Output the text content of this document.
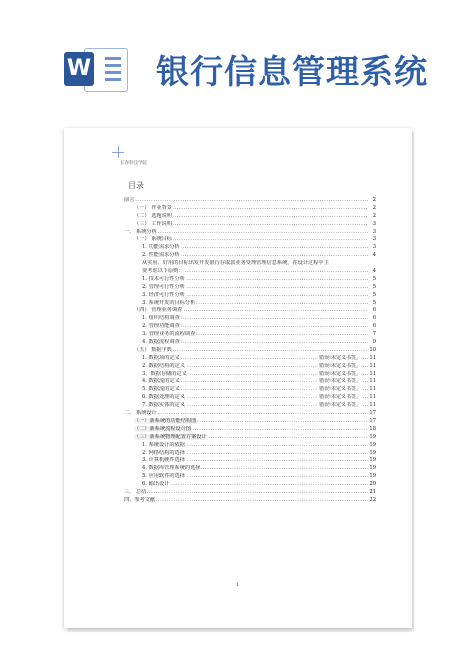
W 银行信息管理系统
长春科技学院
目录
.....
前言	2
.....
（一） 作业背景	2
.....
（二） 选题说明	2
.....
（三） 工作说明	3
.....
一、 系统分析	3
.....
（一） 系统目标	3
.....
1. 功能需求分析	3
.....
2. 性能需求分析	4
从实用、好用的目标出发开发银行存取款业务受理管理信息系统，在设计过程中主
.....
要考虑以下原则：	4
.....
1. 技术可行性分析	5
.....
2. 管理可行性分析	5
.....
3. 经济可行性分析	5
.....
3. 系统开发的目标分析	5
.....
（四） 管理业务调查	6
.....
1. 组织结构调查	6
.....
2. 管理功能调查	6
.....
3. 管理业务的流程调查	7
.....
4. 数据流程调查	9
.....
（五） 数据字典	10
.....
1. 数据项的定义	错误!未定义书签。 11
.....
2. 数据结构的定义	错误!未定义书签。 11
.....
3、数据存储的定义	错误!未定义书签。 11
.....
4. 数据流的定义	错误!未定义书签。 11
.....
5. 数据流的定义	错误!未定义书签。 11
.....
6. 数据处理的定义	错误!未定义书签。 11
.....
7. 数据实体的定义	错误!未定义书签。 11
.....
二、 系统设计	17
.....
（一）新系统的功能结构图	17
.....
（二）新系统流程设计图	18
.....
（三）新系统物理配置方案设计	19
.....
1. 系统设计的依据	19
.....
2. 网络结构的选择	19
.....
3. 计算机硬件选择	19
.....
4. 数据库管理系统的选择	19
.....
5. 应用软件的选择	19
.....
6. 输出设计	20
.....
三、 总结	21
.....
四、参考文献	22
1
